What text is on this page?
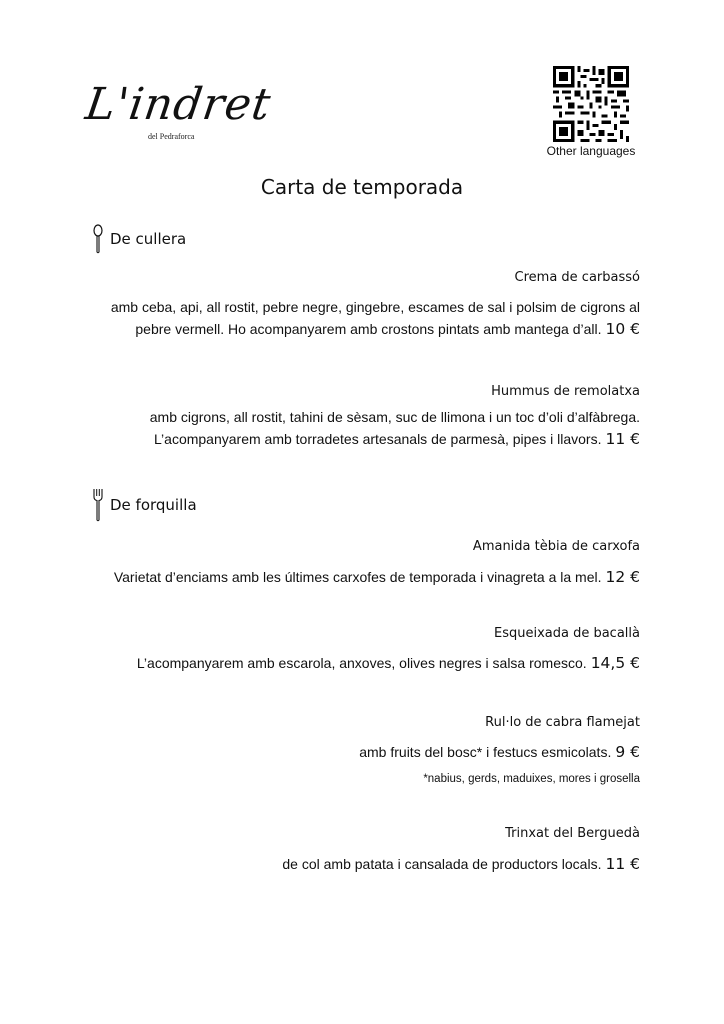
L'indret
del Pedraforca
Other languages
Carta de temporada
De cullera
Crema de carbassó
amb ceba, api, all rostit, pebre negre, gingebre, escames de sal i polsim de cigrons al
pebre vermell. Ho acompanyarem amb crostons pintats amb mantega d’all. 10 €
Hummus de remolatxa
amb cigrons, all rostit, tahini de sèsam, suc de llimona i un toc d’oli d’alfàbrega.
L’acompanyarem amb torradetes artesanals de parmesà, pipes i llavors. 11 €
De forquilla
Amanida tèbia de carxofa
Varietat d’enciams amb les últimes carxofes de temporada i vinagreta a la mel. 12 €
Esqueixada de bacallà
L’acompanyarem amb escarola, anxoves, olives negres i salsa romesco. 14,5 €
Rul·lo de cabra flamejat
amb fruits del bosc* i festucs esmicolats. 9 €
*nabius, gerds, maduixes, mores i grosella
Trinxat del Berguedà
de col amb patata i cansalada de productors locals. 11 €
